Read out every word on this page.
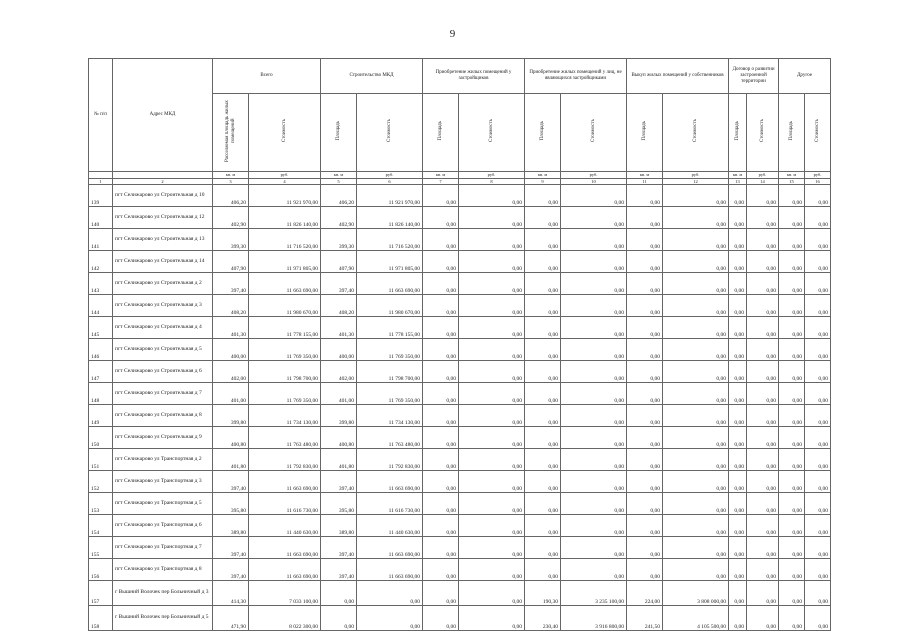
9
№ п/п	Адрес МКД	Всего		Строительство МКД		Приобретение жилых помещений у застройщиков		Приобретение жилых помещений у лиц, не являющихся застройщиками		Выкуп жилых помещений у собственников		Договор о развитии застроенной территории		Другое	
		Расселяемая площадь жилых помещений	Стоимость	Площадь	Стоимость	Площадь	Стоимость	Площадь	Стоимость	Площадь	Стоимость	Площадь	Стоимость	Площадь	Стоимость
		кв. м	руб.	кв. м	руб.	кв. м	руб.	кв. м	руб.	кв. м	руб.	кв. м	руб.	кв. м	руб.
1	2	3	4	5	6	7	8	9	10	11	12	13	14	15	16
139	пгт Селижарово ул Строительная д 10	406,20	11 921 970,00	406,20	11 921 970,00	0,00	0,00	0,00	0,00	0,00	0,00	0,00	0,00	0,00	0,00
140	пгт Селижарово ул Строительная д 12	402,90	11 826 140,00	402,90	11 826 140,00	0,00	0,00	0,00	0,00	0,00	0,00	0,00	0,00	0,00	0,00
141	пгт Селижарово ул Строительная д 13	399,30	11 716 520,00	399,30	11 716 520,00	0,00	0,00	0,00	0,00	0,00	0,00	0,00	0,00	0,00	0,00
142	пгт Селижарово ул Строительная д 14	407,90	11 971 805,00	407,90	11 971 805,00	0,00	0,00	0,00	0,00	0,00	0,00	0,00	0,00	0,00	0,00
143	пгт Селижарово ул Строительная д 2	397,40	11 663 690,00	397,40	11 663 690,00	0,00	0,00	0,00	0,00	0,00	0,00	0,00	0,00	0,00	0,00
144	пгт Селижарово ул Строительная д 3	408,20	11 980 670,00	408,20	11 980 670,00	0,00	0,00	0,00	0,00	0,00	0,00	0,00	0,00	0,00	0,00
145	пгт Селижарово ул Строительная д 4	401,30	11 778 155,00	401,30	11 778 155,00	0,00	0,00	0,00	0,00	0,00	0,00	0,00	0,00	0,00	0,00
146	пгт Селижарово ул Строительная д 5	400,00	11 769 350,00	400,00	11 769 350,00	0,00	0,00	0,00	0,00	0,00	0,00	0,00	0,00	0,00	0,00
147	пгт Селижарово ул Строительная д 6	402,00	11 798 700,00	402,00	11 798 700,00	0,00	0,00	0,00	0,00	0,00	0,00	0,00	0,00	0,00	0,00
148	пгт Селижарово ул Строительная д 7	401,00	11 769 350,00	401,00	11 769 350,00	0,00	0,00	0,00	0,00	0,00	0,00	0,00	0,00	0,00	0,00
149	пгт Селижарово ул Строительная д 8	399,80	11 734 130,00	399,80	11 734 130,00	0,00	0,00	0,00	0,00	0,00	0,00	0,00	0,00	0,00	0,00
150	пгт Селижарово ул Строительная д 9	400,80	11 763 480,00	400,80	11 763 480,00	0,00	0,00	0,00	0,00	0,00	0,00	0,00	0,00	0,00	0,00
151	пгт Селижарово ул Транспортная д 2	401,80	11 792 830,00	401,80	11 792 830,00	0,00	0,00	0,00	0,00	0,00	0,00	0,00	0,00	0,00	0,00
152	пгт Селижарово ул Транспортная д 3	397,40	11 663 690,00	397,40	11 663 690,00	0,00	0,00	0,00	0,00	0,00	0,00	0,00	0,00	0,00	0,00
153	пгт Селижарово ул Транспортная д 5	395,80	11 616 730,00	395,80	11 616 730,00	0,00	0,00	0,00	0,00	0,00	0,00	0,00	0,00	0,00	0,00
154	пгт Селижарово ул Транспортная д 6	389,80	11 440 630,00	389,80	11 440 630,00	0,00	0,00	0,00	0,00	0,00	0,00	0,00	0,00	0,00	0,00
155	пгт Селижарово ул Транспортная д 7	397,40	11 663 690,00	397,40	11 663 690,00	0,00	0,00	0,00	0,00	0,00	0,00	0,00	0,00	0,00	0,00
156	пгт Селижарово ул Транспортная д 8	397,40	11 663 690,00	397,40	11 663 690,00	0,00	0,00	0,00	0,00	0,00	0,00	0,00	0,00	0,00	0,00
157	г Вышний Волочек пер Больничный д 3	414,30	7 033 100,00	0,00	0,00	0,00	0,00	190,30	3 235 100,00	224,00	3 808 000,00	0,00	0,00	0,00	0,00
158	г Вышний Волочек пер Больничный д 5	471,90	8 022 300,00	0,00	0,00	0,00	0,00	230,40	3 916 800,00	241,50	4 105 500,00	0,00	0,00	0,00	0,00
